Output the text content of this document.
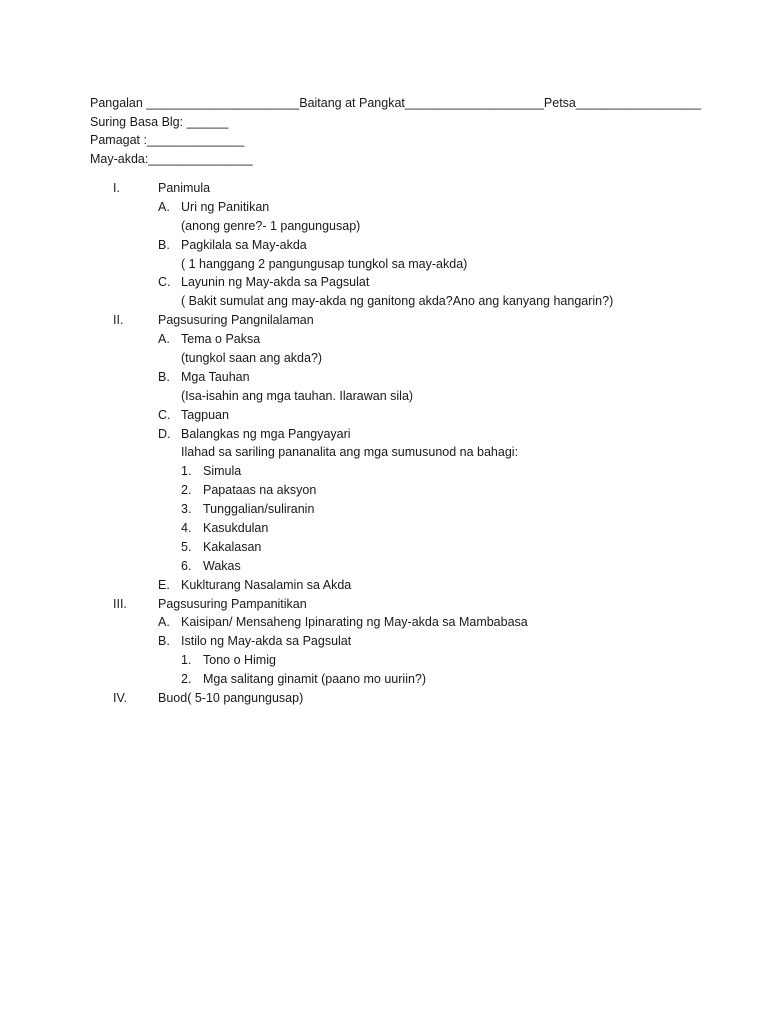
Pangalan ______________________Baitang at Pangkat____________________Petsa__________________
Suring Basa Blg: ______
Pamagat :______________
May-akda:_______________
I.	Panimula
A. Uri ng Panitikan
(anong genre?- 1 pangungusap)
B. Pagkilala sa May-akda
( 1 hanggang 2 pangungusap tungkol sa may-akda)
C. Layunin ng May-akda sa Pagsulat
( Bakit sumulat ang may-akda ng ganitong akda?Ano ang kanyang hangarin?)
II.	Pagsusuring Pangnilalaman
A. Tema o Paksa
(tungkol saan ang akda?)
B. Mga Tauhan
(Isa-isahin ang mga tauhan. Ilarawan sila)
C. Tagpuan
D. Balangkas ng mga Pangyayari
Ilahad sa sariling pananalita ang mga sumusunod na bahagi:
1. Simula
2. Papataas na aksyon
3. Tunggalian/suliranin
4. Kasukdulan
5. Kakalasan
6. Wakas
E. Kuklturang Nasalamin sa Akda
III. Pagsusuring Pampanitikan
A. Kaisipan/ Mensaheng Ipinarating ng May-akda sa Mambabasa
B. Istilo ng May-akda sa Pagsulat
1. Tono o Himig
2. Mga salitang ginamit (paano mo uuriin?)
IV. Buod( 5-10 pangungusap)
